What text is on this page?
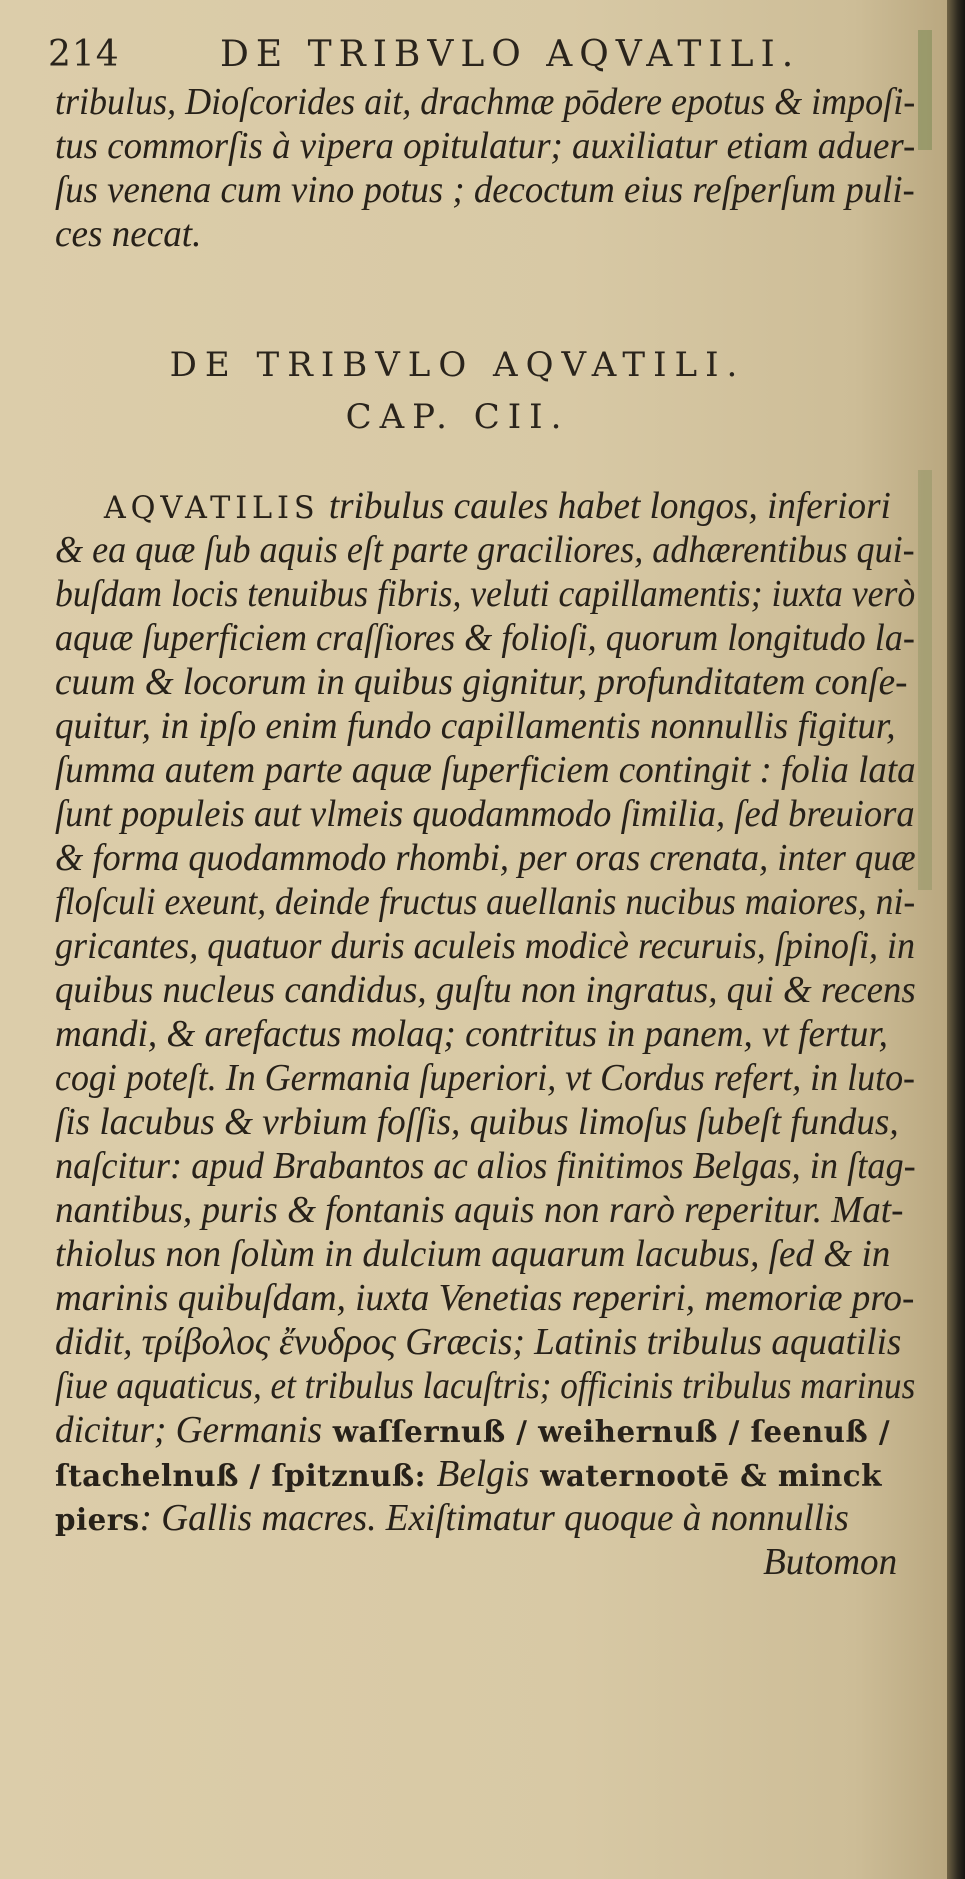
214	DE TRIBVLO AQVATILI.
tribulus, Dioſcorides ait, drachmæ pōdere epotus & impoſi-
tus commorſis à vipera opitulatur; auxiliatur etiam aduer-
ſus venena cum vino potus ; decoctum eius reſperſum puli-
ces necat.
DE TRIBVLO AQVATILI.
CAP. CII.
AQVATILIS tribulus caules habet longos, inferiori
& ea quæ ſub aquis eſt parte graciliores, adhærentibus qui-
buſdam locis tenuibus fibris, veluti capillamentis; iuxta verò
aquæ ſuperficiem craſſiores & folioſi, quorum longitudo la-
cuum & locorum in quibus gignitur, profunditatem conſe-
quitur, in ipſo enim fundo capillamentis nonnullis figitur,
ſumma autem parte aquæ ſuperficiem contingit : folia lata
ſunt populeis aut vlmeis quodammodo ſimilia, ſed breuiora
& forma quodammodo rhombi, per oras crenata, inter quæ
floſculi exeunt, deinde fructus auellanis nucibus maiores, ni-
gricantes, quatuor duris aculeis modicè recuruis, ſpinoſi, in
quibus nucleus candidus, guſtu non ingratus, qui & recens
mandi, & arefactus molaq; contritus in panem, vt fertur,
cogi poteſt. In Germania ſuperiori, vt Cordus refert, in luto-
ſis lacubus & vrbium foſſis, quibus limoſus ſubeſt fundus,
naſcitur: apud Brabantos ac alios finitimos Belgas, in ſtag-
nantibus, puris & fontanis aquis non rarò reperitur. Mat-
thiolus non ſolùm in dulcium aquarum lacubus, ſed & in
marinis quibuſdam, iuxta Venetias reperiri, memoriæ pro-
didit, τρίβολος ἔνυδρος Græcis; Latinis tribulus aquatilis
ſiue aquaticus, et tribulus lacuſtris; officinis tribulus marinus
dicitur; Germanis waſſernuß / weihernuß / ſeenuß /
ſtachelnuß / ſpitznuß: Belgis waternootē & minck
piers: Gallis macres. Exiſtimatur quoque à nonnullis
Butomon
